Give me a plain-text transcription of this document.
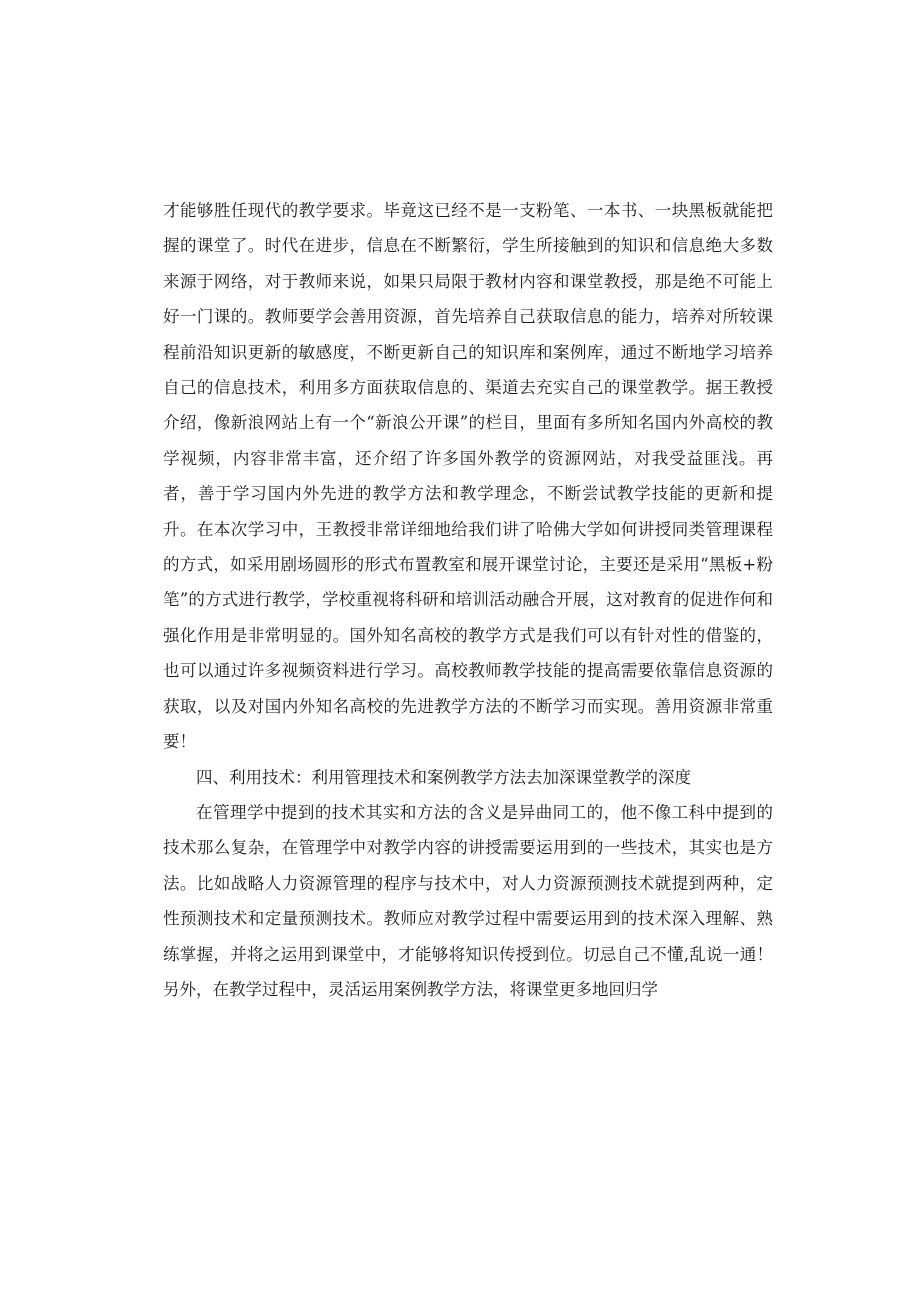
才能够胜任现代的教学要求。毕竟这已经不是一支粉笔、一本书、一块黑板就能把握的课堂了。时代在进步，信息在不断繁衍，学生所接触到的知识和信息绝大多数来源于网络，对于教师来说，如果只局限于教材内容和课堂教授，那是绝不可能上好一门课的。教师要学会善用资源，首先培养自己获取信息的能力，培养对所较课程前沿知识更新的敏感度，不断更新自己的知识库和案例库，通过不断地学习培养自己的信息技术，利用多方面获取信息的、渠道去充实自己的课堂教学。据王教授介绍，像新浪网站上有一个“新浪公开课”的栏目，里面有多所知名国内外高校的教学视频，内容非常丰富，还介绍了许多国外教学的资源网站，对我受益匪浅。再者，善于学习国内外先进的教学方法和教学理念，不断尝试教学技能的更新和提升。在本次学习中，王教授非常详细地给我们讲了哈佛大学如何讲授同类管理课程的方式，如采用剧场圆形的形式布置教室和展开课堂讨论，主要还是采用“黑板+粉笔”的方式进行教学，学校重视将科研和培训活动融合开展，这对教育的促进作何和强化作用是非常明显的。国外知名高校的教学方式是我们可以有针对性的借鉴的，也可以通过许多视频资料进行学习。高校教师教学技能的提高需要依靠信息资源的获取，以及对国内外知名高校的先进教学方法的不断学习而实现。善用资源非常重要！

四、利用技术：利用管理技术和案例教学方法去加深课堂教学的深度

在管理学中提到的技术其实和方法的含义是异曲同工的，他不像工科中提到的技术那么复杂，在管理学中对教学内容的讲授需要运用到的一些技术，其实也是方法。比如战略人力资源管理的程序与技术中，对人力资源预测技术就提到两种，定性预测技术和定量预测技术。教师应对教学过程中需要运用到的技术深入理解、熟练掌握，并将之运用到课堂中，才能够将知识传授到位。切忌自己不懂,乱说一通！另外，在教学过程中，灵活运用案例教学方法，将课堂更多地回归学
